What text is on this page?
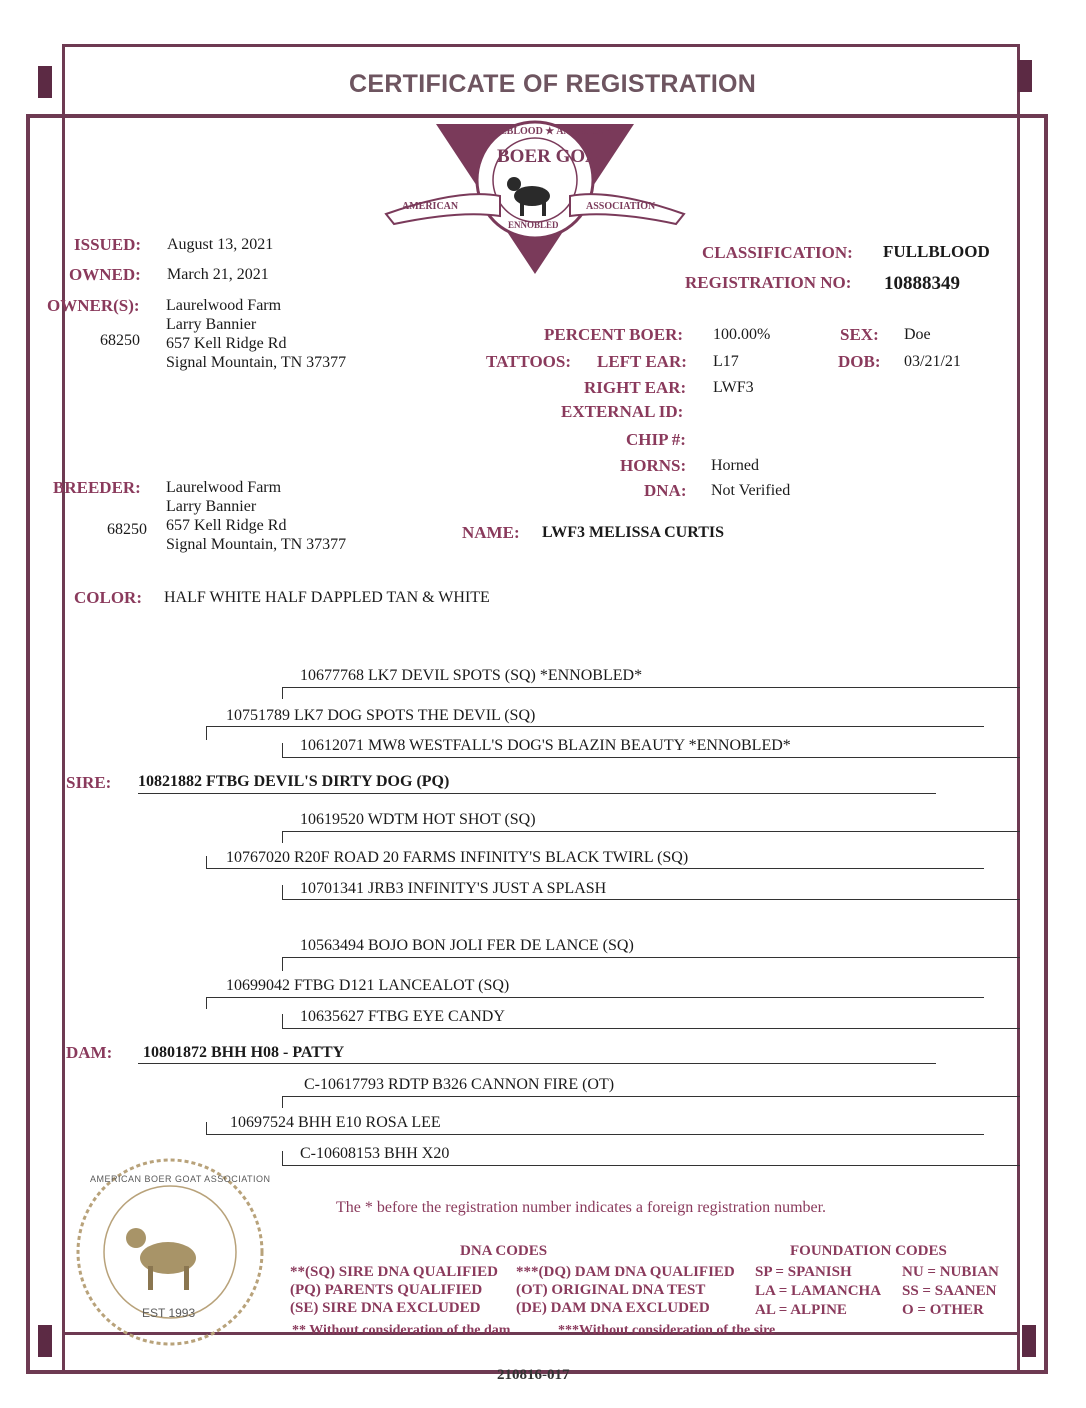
CERTIFICATE OF REGISTRATION
FULLBLOOD ★ AMERICAN
BOER GOAT
AMERICAN	ASSOCIATION
ENNOBLED
ISSUED: August 13, 2021
OWNED: March 21, 2021
OWNER(S):
68250
Laurelwood Farm
Larry Bannier
657 Kell Ridge Rd
Signal Mountain, TN 37377
BREEDER:
68250
Laurelwood Farm
Larry Bannier
657 Kell Ridge Rd
Signal Mountain, TN 37377
COLOR: HALF WHITE HALF DAPPLED TAN & WHITE
CLASSIFICATION: FULLBLOOD
REGISTRATION NO: 10888349
PERCENT BOER: 100.00%	SEX: Doe
TATTOOS: LEFT EAR: L17	DOB: 03/21/21
RIGHT EAR: LWF3
EXTERNAL ID:
CHIP #:
HORNS: Horned
DNA: Not Verified
NAME: LWF3 MELISSA CURTIS
10677768 LK7 DEVIL SPOTS (SQ) *ENNOBLED*
10751789 LK7 DOG SPOTS THE DEVIL (SQ)
10612071 MW8 WESTFALL'S DOG'S BLAZIN BEAUTY *ENNOBLED*
SIRE: 10821882 FTBG DEVIL'S DIRTY DOG (PQ)
10619520 WDTM HOT SHOT (SQ)
10767020 R20F ROAD 20 FARMS INFINITY'S BLACK TWIRL (SQ)
10701341 JRB3 INFINITY'S JUST A SPLASH
10563494 BOJO BON JOLI FER DE LANCE (SQ)
10699042 FTBG D121 LANCEALOT (SQ)
10635627 FTBG EYE CANDY
DAM: 10801872 BHH H08 - PATTY
C-10617793 RDTP B326 CANNON FIRE (OT)
10697524 BHH E10 ROSA LEE
C-10608153 BHH X20
AMERICAN BOER GOAT ASSOCIATION
EST 1993
The * before the registration number indicates a foreign registration number.
DNA CODES
**(SQ) SIRE DNA QUALIFIED
(PQ) PARENTS QUALIFIED
(SE) SIRE DNA EXCLUDED
***(DQ) DAM DNA QUALIFIED
(OT) ORIGINAL DNA TEST
(DE) DAM DNA EXCLUDED
** Without consideration of the dam	***Without consideration of the sire
FOUNDATION CODES
SP = SPANISH
LA = LAMANCHA
AL = ALPINE
NU = NUBIAN
SS = SAANEN
O = OTHER
210816-017
